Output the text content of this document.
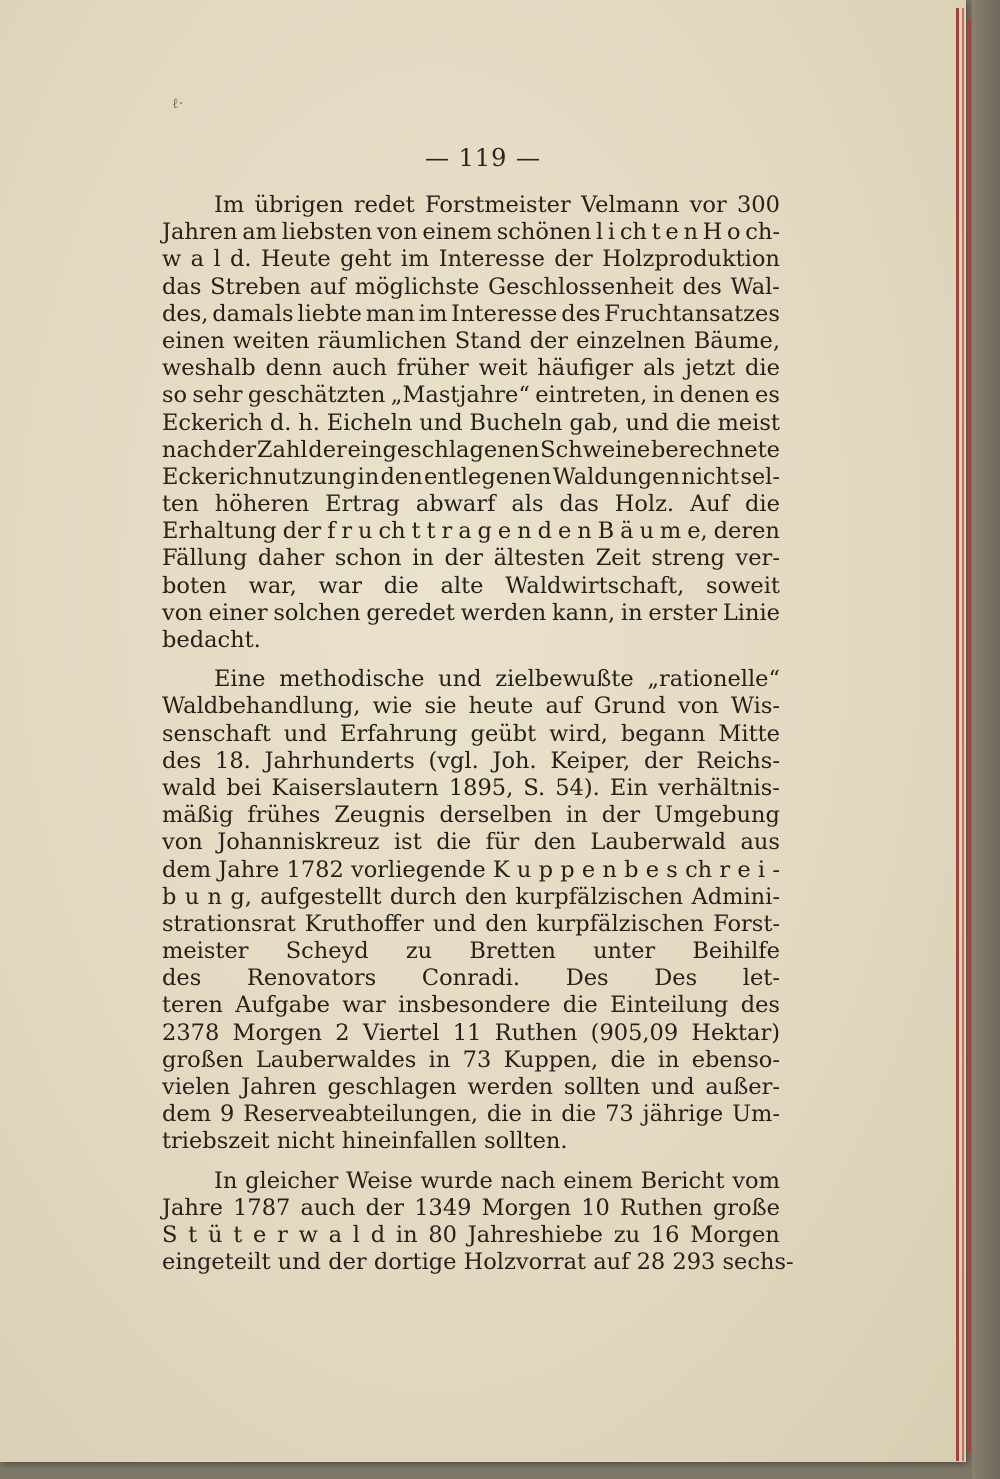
ℓ·
— 119 —
Im übrigen redet Forstmeister Velmann vor 300
Jahren am liebsten von einem schönen l i ch t e n H o ch-
w a l d. Heute geht im Interesse der Holzproduktion
das Streben auf möglichste Geschlossenheit des Wal-
des, damals liebte man im Interesse des Fruchtansatzes
einen weiten räumlichen Stand der einzelnen Bäume,
weshalb denn auch früher weit häufiger als jetzt die
so sehr geschätzten „Mastjahre“ eintreten, in denen es
Eckerich d. h. Eicheln und Bucheln gab, und die meist
nach der Zahl der eingeschlagenen Schweine berechnete
Eckerichnutzung in den entlegenen Waldungen nicht sel-
ten höheren Ertrag abwarf als das Holz. Auf die
Erhaltung der f r u ch t t r a g e n d e n B ä u m e, deren
Fällung daher schon in der ältesten Zeit streng ver-
boten war, war die alte Waldwirtschaft, soweit
von einer solchen geredet werden kann, in erster Linie
bedacht.
Eine methodische und zielbewußte „rationelle“
Waldbehandlung, wie sie heute auf Grund von Wis-
senschaft und Erfahrung geübt wird, begann Mitte
des 18. Jahrhunderts (vgl. Joh. Keiper, der Reichs-
wald bei Kaiserslautern 1895, S. 54). Ein verhältnis-
mäßig frühes Zeugnis derselben in der Umgebung
von Johanniskreuz ist die für den Lauberwald aus
dem Jahre 1782 vorliegende K u p p e n b e s ch r e i -
b u n g, aufgestellt durch den kurpfälzischen Admini-
strationsrat Kruthoffer und den kurpfälzischen Forst-
meister Scheyd zu Bretten unter Beihilfe
des Renovators Conradi. Des Des let-
teren Aufgabe war insbesondere die Einteilung des
2378 Morgen 2 Viertel 11 Ruthen (905,09 Hektar)
großen Lauberwaldes in 73 Kuppen, die in ebenso-
vielen Jahren geschlagen werden sollten und außer-
dem 9 Reserveabteilungen, die in die 73 jährige Um-
triebszeit nicht hineinfallen sollten.
In gleicher Weise wurde nach einem Bericht vom
Jahre 1787 auch der 1349 Morgen 10 Ruthen große
S t ü t e r w a l d in 80 Jahreshiebe zu 16 Morgen
eingeteilt und der dortige Holzvorrat auf 28 293 sechs-
